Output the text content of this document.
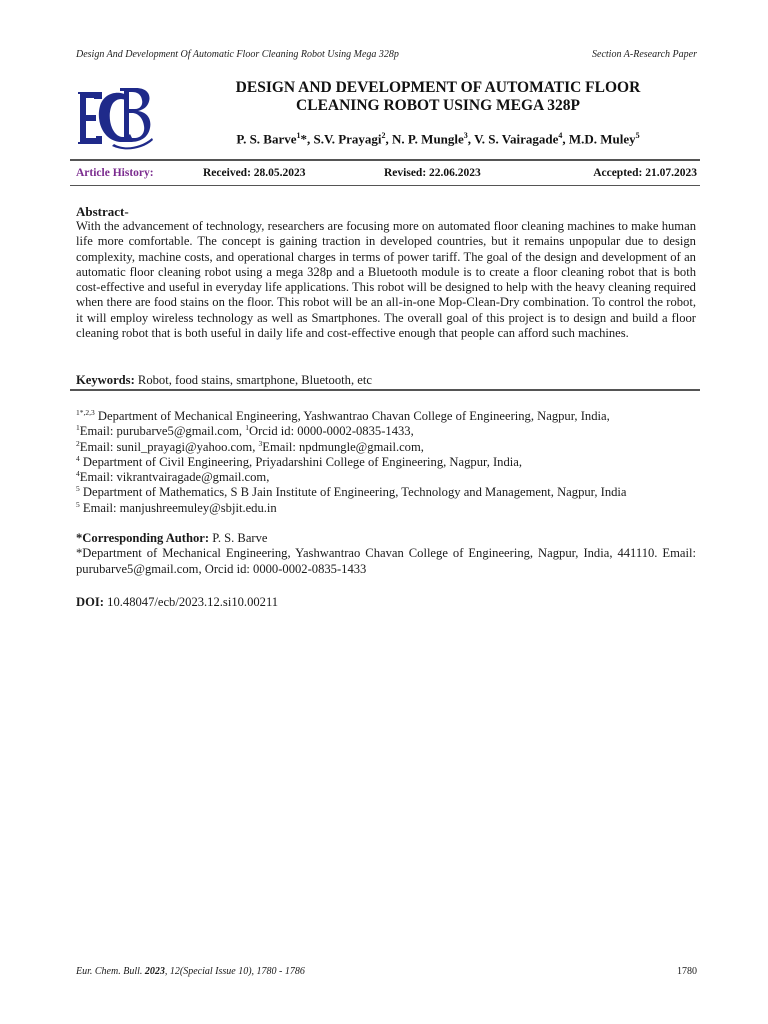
Design And Development Of Automatic Floor Cleaning Robot Using Mega 328p	Section A-Research Paper
DESIGN AND DEVELOPMENT OF AUTOMATIC FLOOR
CLEANING ROBOT USING MEGA 328P
P. S. Barve$^1$*, S.V. Prayagi$^2$, N. P. Mungle$^3$, V. S. Vairagade$^4$, M.D. Muley$^5$
Article History:	Received: 28.05.2023	Revised: 22.06.2023	Accepted: 21.07.2023
Abstract-
With the advancement of technology, researchers are focusing more on automated floor cleaning machines to make human life more comfortable. The concept is gaining traction in developed countries, but it remains unpopular due to design complexity, machine costs, and operational charges in terms of power tariff. The goal of the design and development of an automatic floor cleaning robot using a mega 328p and a Bluetooth module is to create a floor cleaning robot that is both cost-effective and useful in everyday life applications. This robot will be designed to help with the heavy cleaning required when there are food stains on the floor. This robot will be an all-in-one Mop-Clean-Dry combination. To control the robot, it will employ wireless technology as well as Smartphones. The overall goal of this project is to design and build a floor cleaning robot that is both useful in daily life and cost-effective enough that people can afford such machines.
Keywords: Robot, food stains, smartphone, Bluetooth, etc
$^{1*,2,3}$ Department of Mechanical Engineering, Yashwantrao Chavan College of Engineering, Nagpur, India,
$^1$Email: purubarve5@gmail.com, $^1$Orcid id: 0000-0002-0835-1433,
$^2$Email: sunil_prayagi@yahoo.com, $^3$Email: npdmungle@gmail.com,
$^4$ Department of Civil Engineering, Priyadarshini College of Engineering, Nagpur, India,
$^4$Email: vikrantvairagade@gmail.com,
$^5$ Department of Mathematics, S B Jain Institute of Engineering, Technology and Management, Nagpur, India
$^5$ Email: manjushreemuley@sbjit.edu.in
*Corresponding Author: P. S. Barve
*Department of Mechanical Engineering, Yashwantrao Chavan College of Engineering, Nagpur, India, 441110. Email: purubarve5@gmail.com, Orcid id: 0000-0002-0835-1433
DOI: 10.48047/ecb/2023.12.si10.00211
Eur. Chem. Bull. 2023, 12(Special Issue 10), 1780 - 1786	1780
